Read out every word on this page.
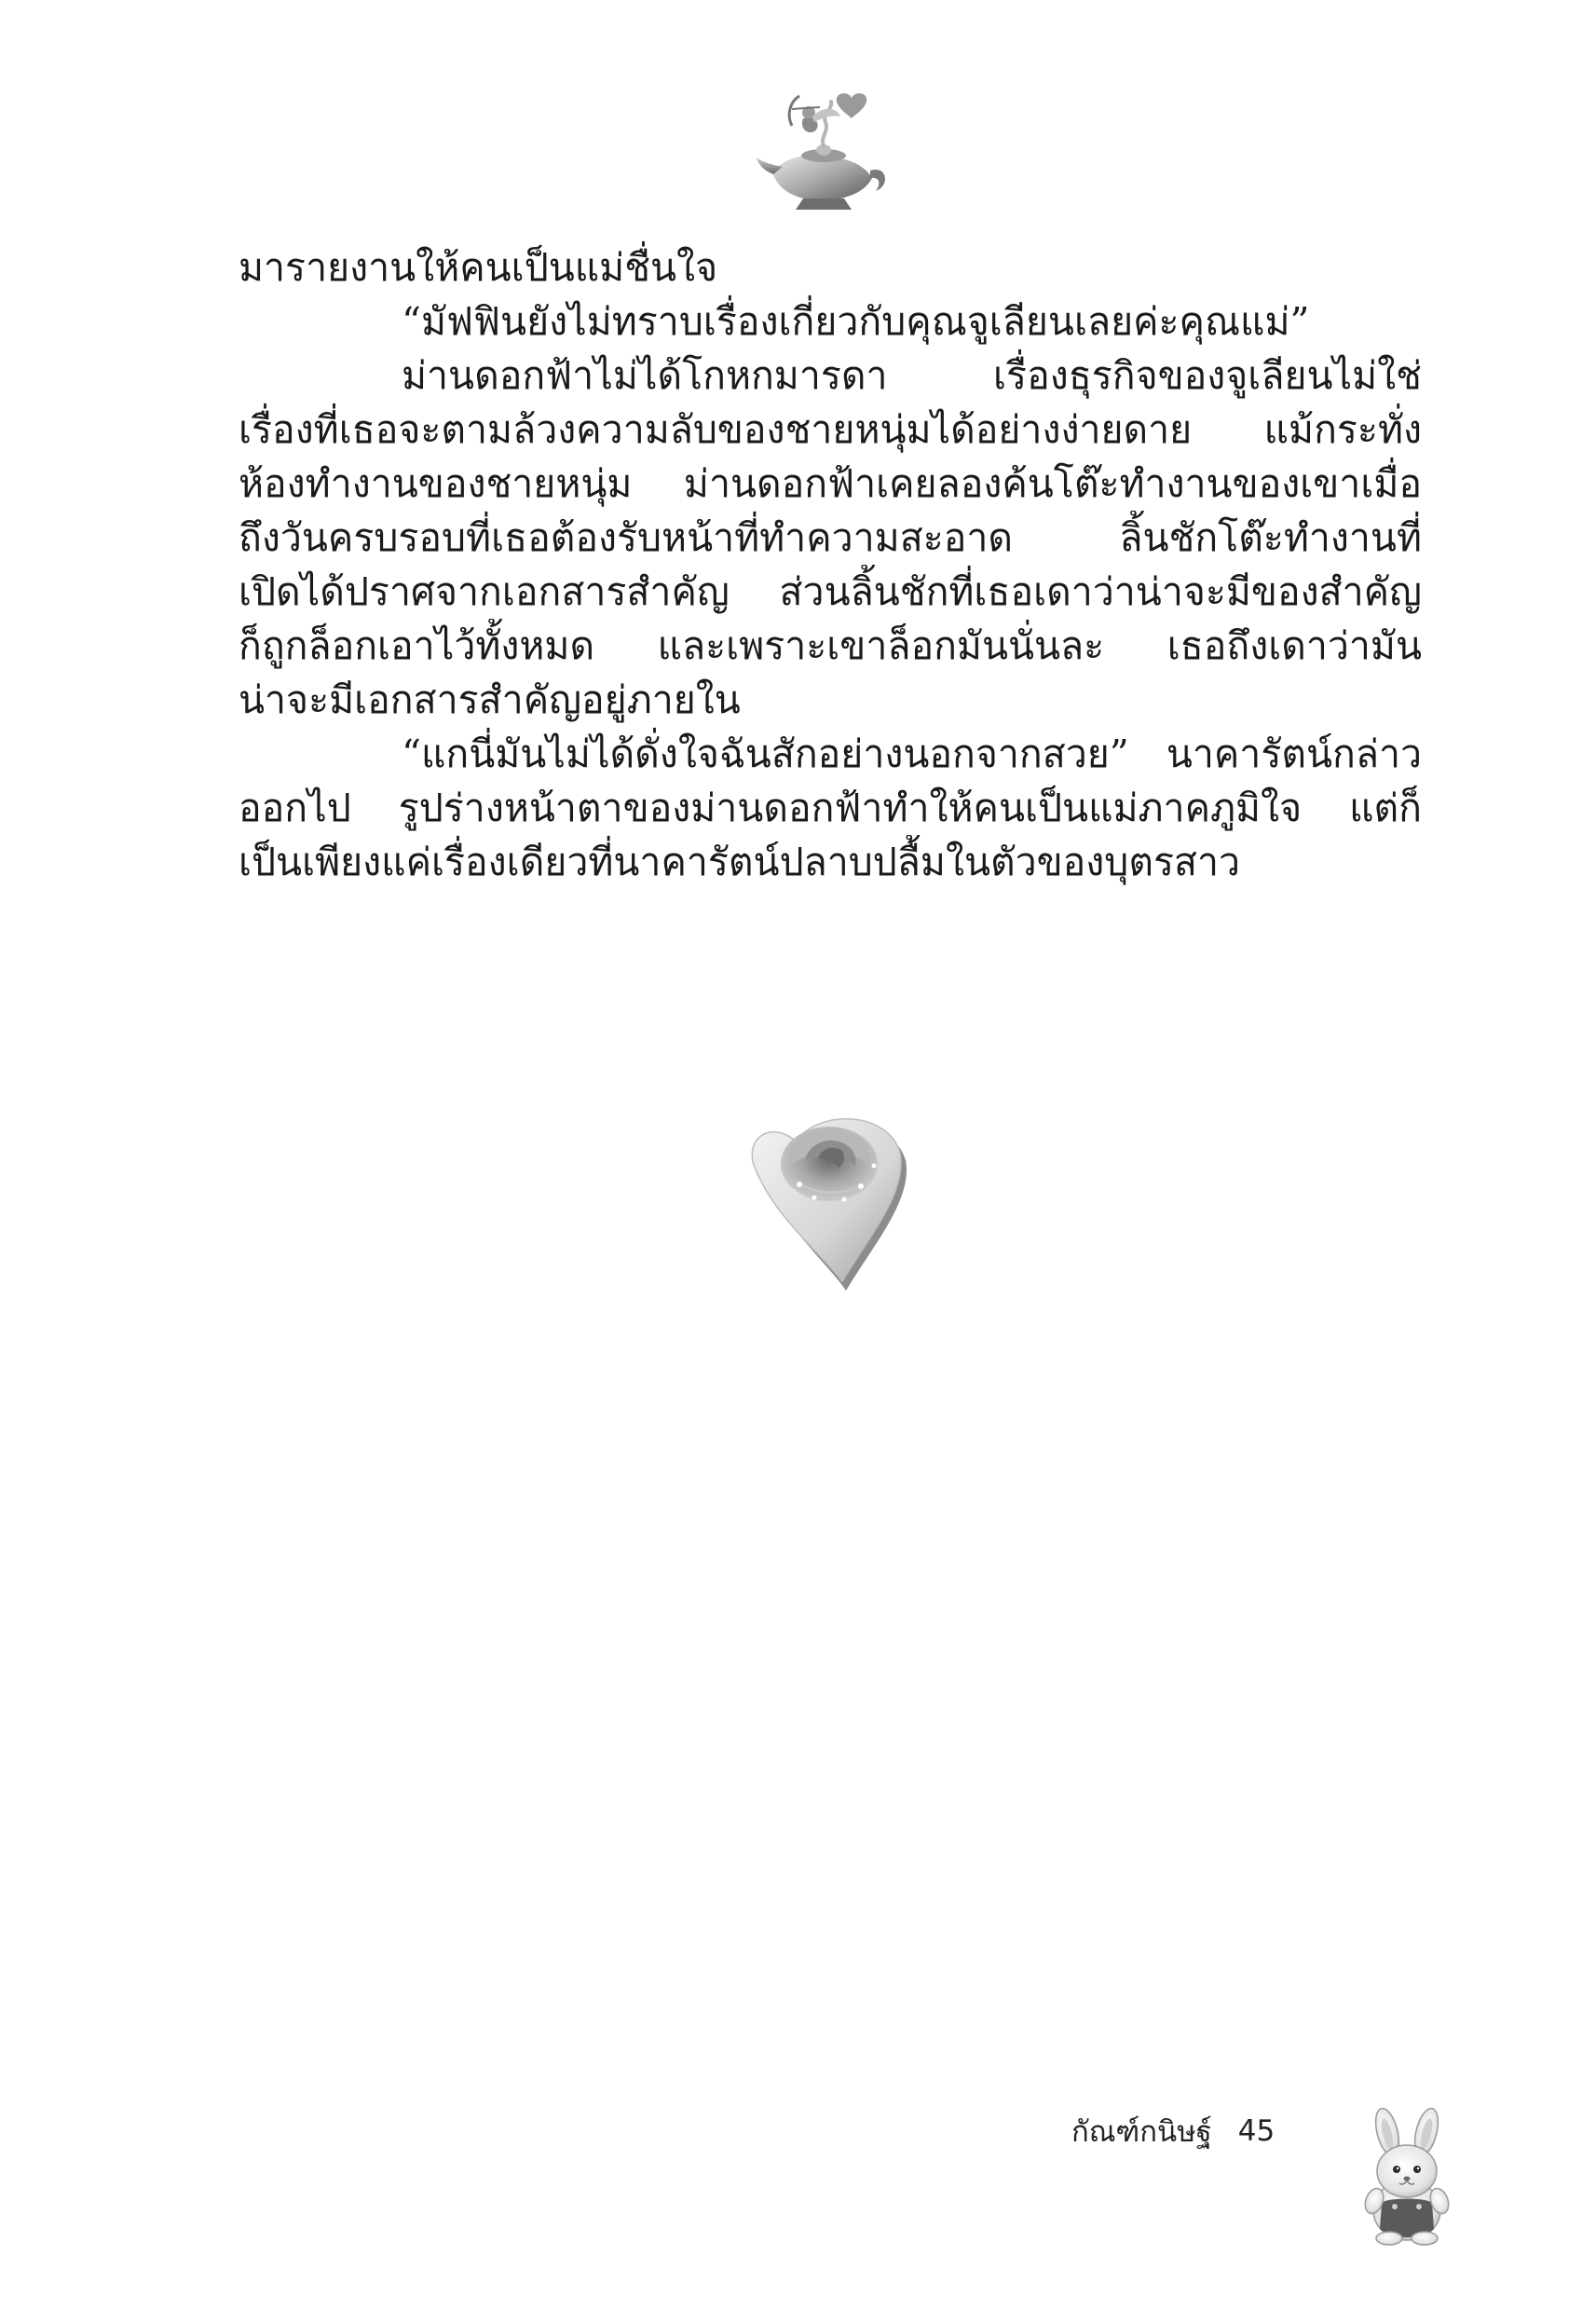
มารายงานให้คนเป็นแม่ชื่นใจ
“มัฟฟินยังไม่ทราบเรื่องเกี่ยวกับคุณจูเลียนเลยค่ะคุณแม่”
ม่านดอกฟ้าไม่ได้โกหกมารดา เรื่องธุรกิจของจูเลียนไม่ใช่
เรื่องที่เธอจะตามล้วงความลับของชายหนุ่มได้อย่างง่ายดาย แม้กระทั่ง
ห้องทำงานของชายหนุ่ม ม่านดอกฟ้าเคยลองค้นโต๊ะทำงานของเขาเมื่อ
ถึงวันครบรอบที่เธอต้องรับหน้าที่ทำความสะอาด ลิ้นชักโต๊ะทำงานที่
เปิดได้ปราศจากเอกสารสำคัญ ส่วนลิ้นชักที่เธอเดาว่าน่าจะมีของสำคัญ
ก็ถูกล็อกเอาไว้ทั้งหมด และเพราะเขาล็อกมันนั่นละ เธอถึงเดาว่ามัน
น่าจะมีเอกสารสำคัญอยู่ภายใน
“แกนี่มันไม่ได้ดั่งใจฉันสักอย่างนอกจากสวย” นาคารัตน์กล่าว
ออกไป รูปร่างหน้าตาของม่านดอกฟ้าทำให้คนเป็นแม่ภาคภูมิใจ แต่ก็
เป็นเพียงแค่เรื่องเดียวที่นาคารัตน์ปลาบปลื้มในตัวของบุตรสาว
กัณฑ์กนิษฐ์ 45
